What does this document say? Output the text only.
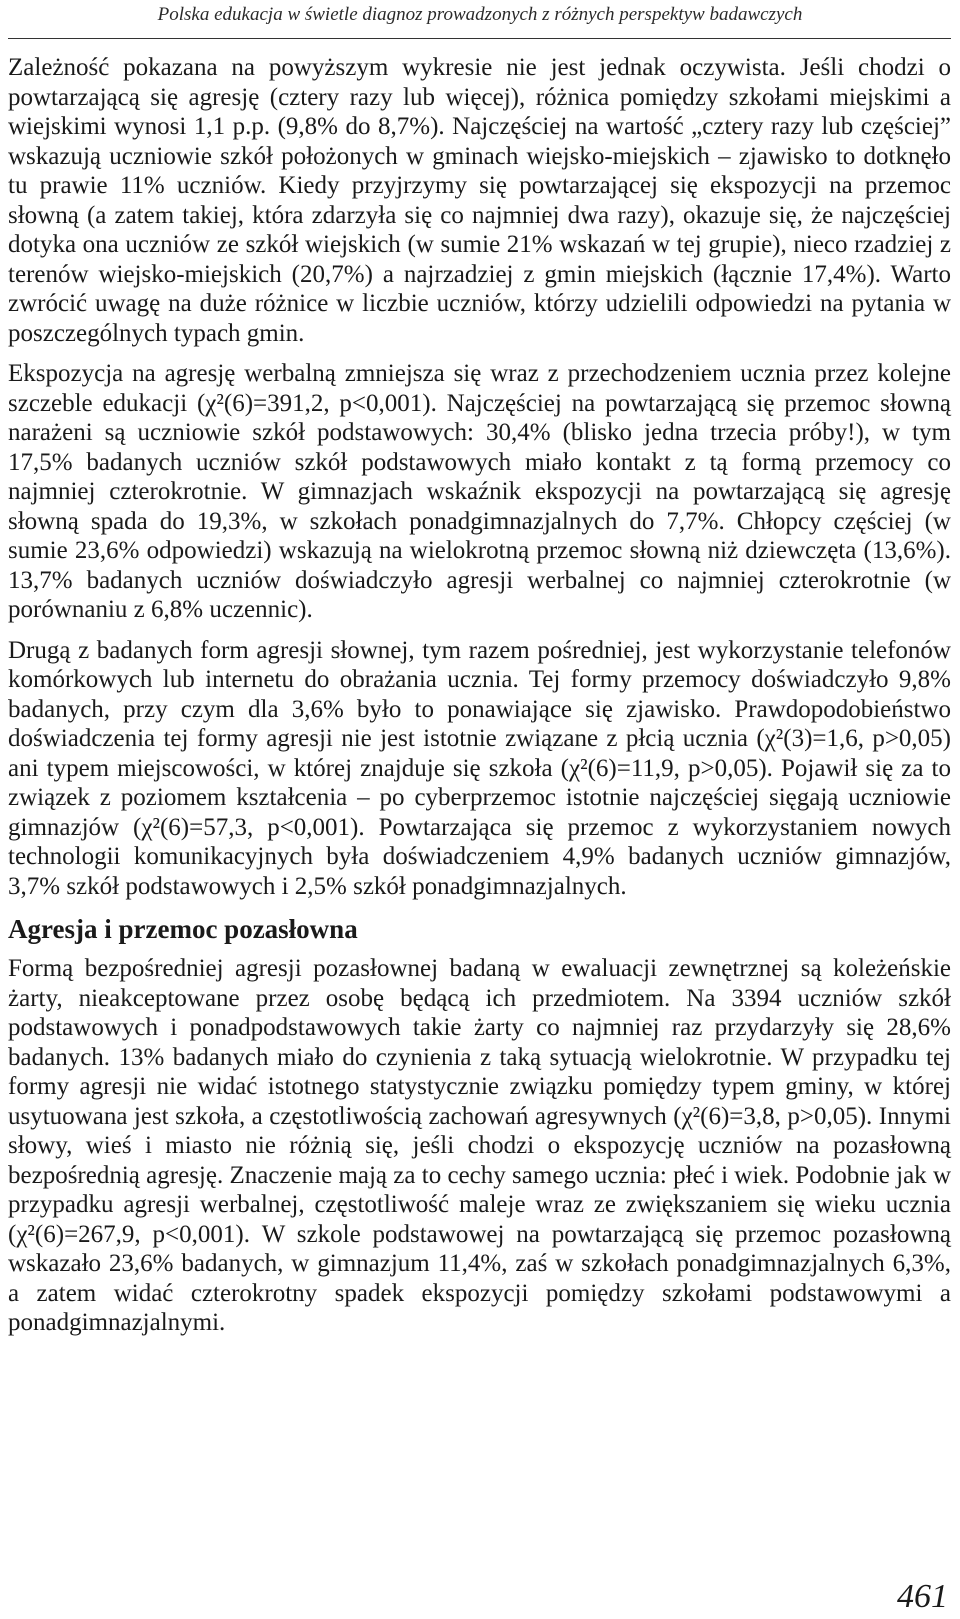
Polska edukacja w świetle diagnoz prowadzonych z różnych perspektyw badawczych

Zależność pokazana na powyższym wykresie nie jest jednak oczywista. Jeśli chodzi o powtarzającą się agresję (cztery razy lub więcej), różnica pomiędzy szkołami miejskimi a wiejskimi wynosi 1,1 p.p. (9,8% do 8,7%). Najczęściej na wartość „cztery razy lub częściej” wskazują uczniowie szkół położonych w gminach wiejsko-miejskich – zjawisko to dotknęło tu prawie 11% uczniów. Kiedy przyjrzymy się powtarzającej się ekspozycji na przemoc słowną (a zatem takiej, która zdarzyła się co najmniej dwa razy), okazuje się, że najczęściej dotyka ona uczniów ze szkół wiejskich (w sumie 21% wskazań w tej grupie), nieco rzadziej z terenów wiejsko-miejskich (20,7%) a najrzadziej z gmin miejskich (łącznie 17,4%). Warto zwrócić uwagę na duże różnice w liczbie uczniów, którzy udzielili odpowiedzi na pytania w poszczególnych typach gmin.

Ekspozycja na agresję werbalną zmniejsza się wraz z przechodzeniem ucznia przez kolejne szczeble edukacji (χ²(6)=391,2, p<0,001). Najczęściej na powtarzającą się przemoc słowną narażeni są uczniowie szkół podstawowych: 30,4% (blisko jedna trzecia próby!), w tym 17,5% badanych uczniów szkół podstawowych miało kontakt z tą formą przemocy co najmniej czterokrotnie. W gimnazjach wskaźnik ekspozycji na powtarzającą się agresję słowną spada do 19,3%, w szkołach ponadgimnazjalnych do 7,7%. Chłopcy częściej (w sumie 23,6% odpowiedzi) wskazują na wielokrotną przemoc słowną niż dziewczęta (13,6%). 13,7% badanych uczniów doświadczyło agresji werbalnej co najmniej czterokrotnie (w porównaniu z 6,8% uczennic).

Drugą z badanych form agresji słownej, tym razem pośredniej, jest wykorzystanie telefonów komórkowych lub internetu do obrażania ucznia. Tej formy przemocy doświadczyło 9,8% badanych, przy czym dla 3,6% było to ponawiające się zjawisko. Prawdopodobieństwo doświadczenia tej formy agresji nie jest istotnie związane z płcią ucznia (χ²(3)=1,6, p>0,05) ani typem miejscowości, w której znajduje się szkoła (χ²(6)=11,9, p>0,05). Pojawił się za to związek z poziomem kształcenia – po cyberprzemoc istotnie najczęściej sięgają uczniowie gimnazjów (χ²(6)=57,3, p<0,001). Powtarzająca się przemoc z wykorzystaniem nowych technologii komunikacyjnych była doświadczeniem 4,9% badanych uczniów gimnazjów, 3,7% szkół podstawowych i 2,5% szkół ponadgimnazjalnych.

Agresja i przemoc pozasłowna

Formą bezpośredniej agresji pozasłownej badaną w ewaluacji zewnętrznej są koleżeńskie żarty, nieakceptowane przez osobę będącą ich przedmiotem. Na 3394 uczniów szkół podstawowych i ponadpodstawowych takie żarty co najmniej raz przydarzyły się 28,6% badanych. 13% badanych miało do czynienia z taką sytuacją wielokrotnie. W przypadku tej formy agresji nie widać istotnego statystycznie związku pomiędzy typem gminy, w której usytuowana jest szkoła, a częstotliwością zachowań agresywnych (χ²(6)=3,8, p>0,05). Innymi słowy, wieś i miasto nie różnią się, jeśli chodzi o ekspozycję uczniów na pozasłowną bezpośrednią agresję. Znaczenie mają za to cechy samego ucznia: płeć i wiek. Podobnie jak w przypadku agresji werbalnej, częstotliwość maleje wraz ze zwiększaniem się wieku ucznia (χ²(6)=267,9, p<0,001). W szkole podstawowej na powtarzającą się przemoc pozasłowną wskazało 23,6% badanych, w gimnazjum 11,4%, zaś w szkołach ponadgimnazjalnych 6,3%, a zatem widać czterokrotny spadek ekspozycji pomiędzy szkołami podstawowymi a ponadgimnazjalnymi.

461
